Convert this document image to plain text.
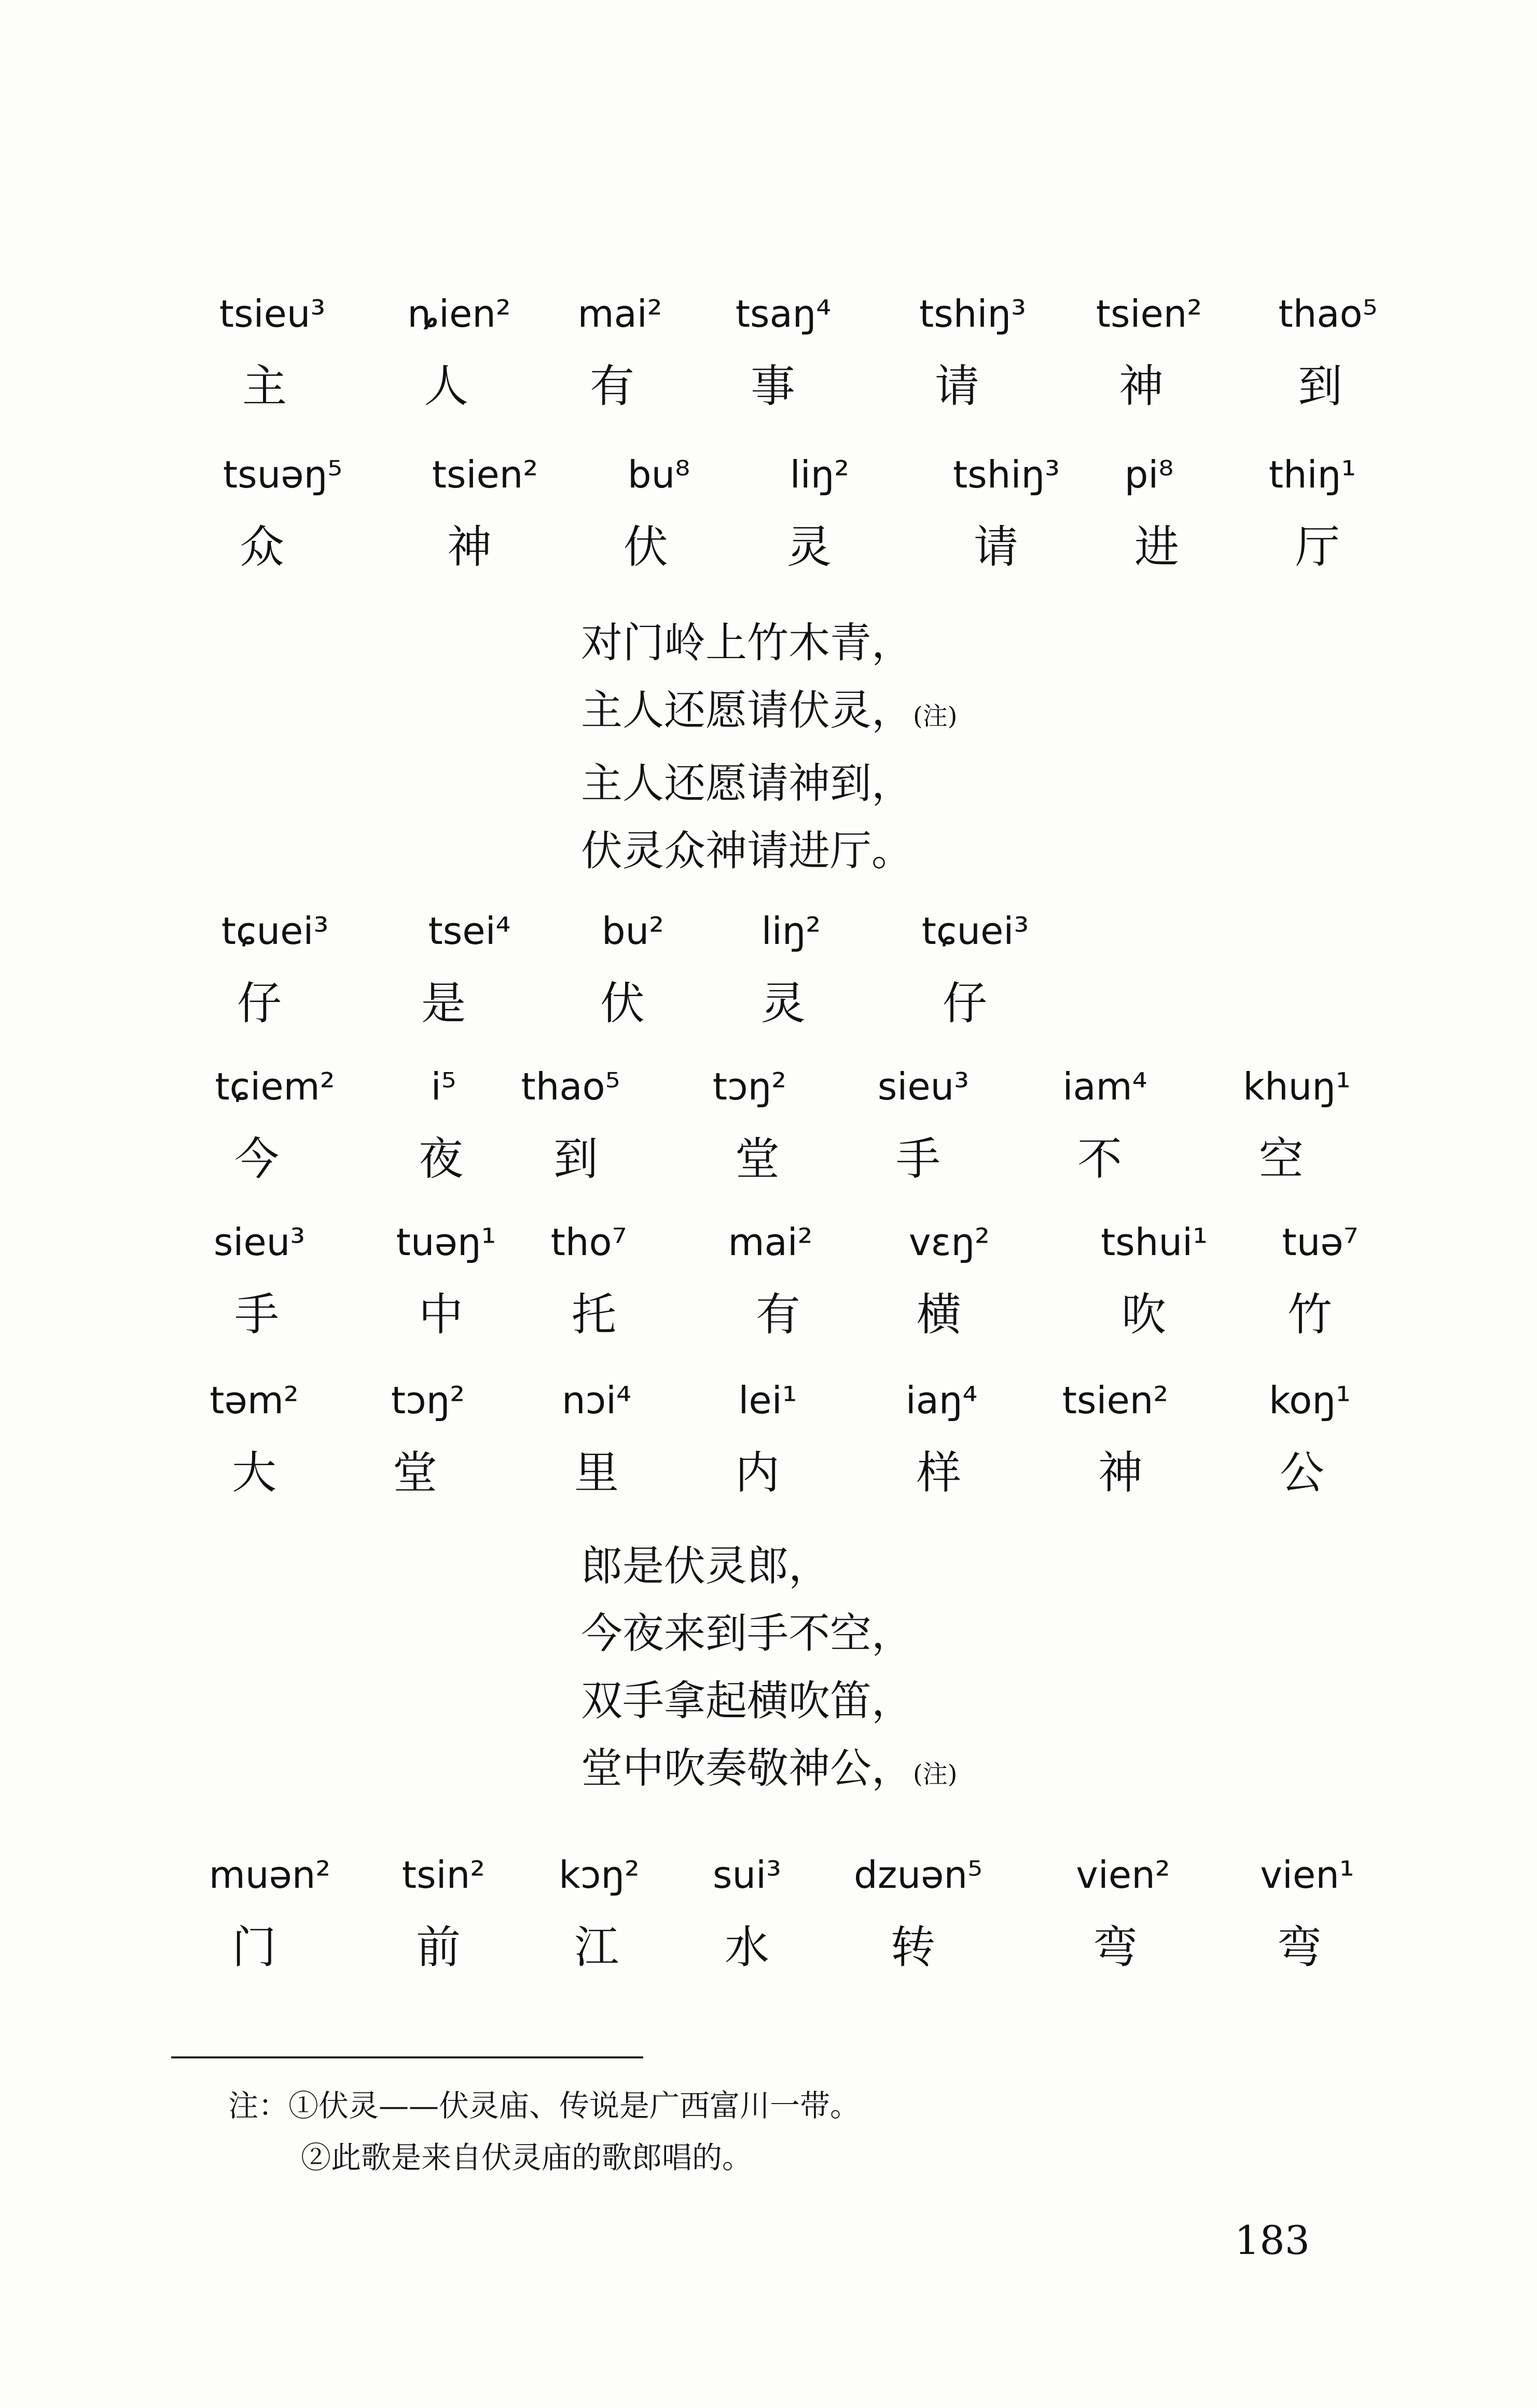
tsieu³ ȵien² mai² tsaŋ⁴ tshiŋ³ tsien² thao⁵
主	人	有	事	请	神	到
tsuəŋ⁵ tsien² bu⁸	liŋ²	tshiŋ³ pi⁸	thiŋ¹
众	神	伏	灵	请	进	厅
对门岭上竹木青，
主人还愿请伏灵，(注)
主人还愿请神到，
伏灵众神请进厅。
tɕuei³	tsei⁴ bu²	liŋ²	tɕuei³
仔	是	伏	灵	仔
tɕiem²	i⁵ thao⁵ tɔŋ² sieu³	iam⁴	khuŋ¹
今	夜 到	堂	手	不	空
sieu³ tuəŋ¹ tho⁷	mai²	vɛŋ²	tshui¹ tuə⁷
手	中 托	有	横	吹	竹
təm² tɔŋ²	nɔi⁴	lei¹	iaŋ⁴ tsien²	koŋ¹
大	堂	里	内	样	神	公
郎是伏灵郎，
今夜来到手不空，
双手拿起横吹笛，
堂中吹奏敬神公，(注)
muən² tsin² kɔŋ² sui³ dzuən⁵	vien² vien¹
门	前	江 水	转	弯	弯
注：①伏灵——伏灵庙、传说是广西富川一带。
②此歌是来自伏灵庙的歌郎唱的。
183
